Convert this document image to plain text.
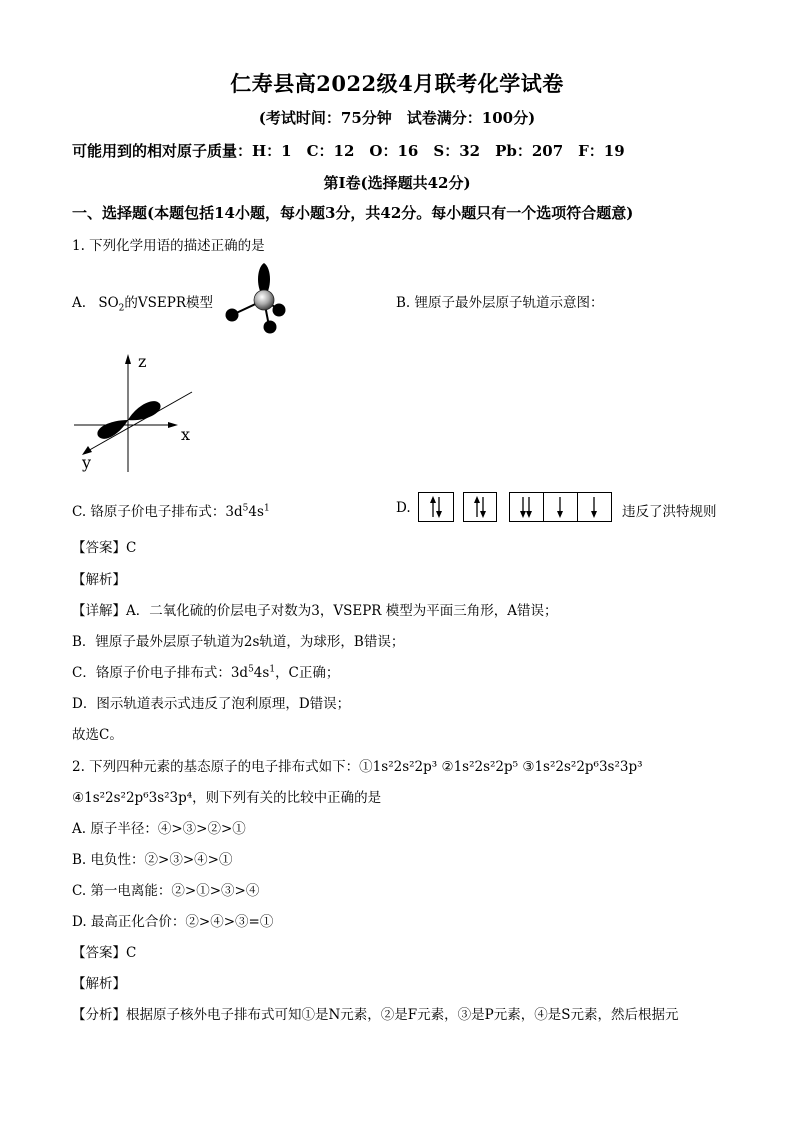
仁寿县高2022级4月联考化学试卷
(考试时间：75分钟　试卷满分：100分)
可能用到的相对原子质量：H：1　C：12　O：16　S：32　Pb：207　F：19
第Ⅰ卷(选择题共42分)
一、选择题(本题包括14小题，每小题3分，共42分。每小题只有一个选项符合题意)
1. 下列化学用语的描述正确的是
A. $SO_2$的VSEPR模型	B. 锂原子最外层原子轨道示意图：
z
x
y
C. 铬原子价电子排布式：$3d^54s^1$	D.	违反了洪特规则
【答案】C
【解析】
【详解】A．二氧化硫的价层电子对数为3，VSEPR 模型为平面三角形，A错误；
B．锂原子最外层原子轨道为2s轨道，为球形，B错误；
C．铬原子价电子排布式：$3d^54s^1$，C正确；
D．图示轨道表示式违反了泡利原理，D错误；
故选C。
2. 下列四种元素的基态原子的电子排布式如下：①1s²2s²2p³ ②1s²2s²2p⁵ ③1s²2s²2p⁶3s²3p³
④1s²2s²2p⁶3s²3p⁴，则下列有关的比较中正确的是
A. 原子半径：④>③>②>①
B. 电负性：②>③>④>①
C. 第一电离能：②>①>③>④
D. 最高正化合价：②>④>③=①
【答案】C
【解析】
【分析】根据原子核外电子排布式可知①是N元素，②是F元素，③是P元素，④是S元素，然后根据元
